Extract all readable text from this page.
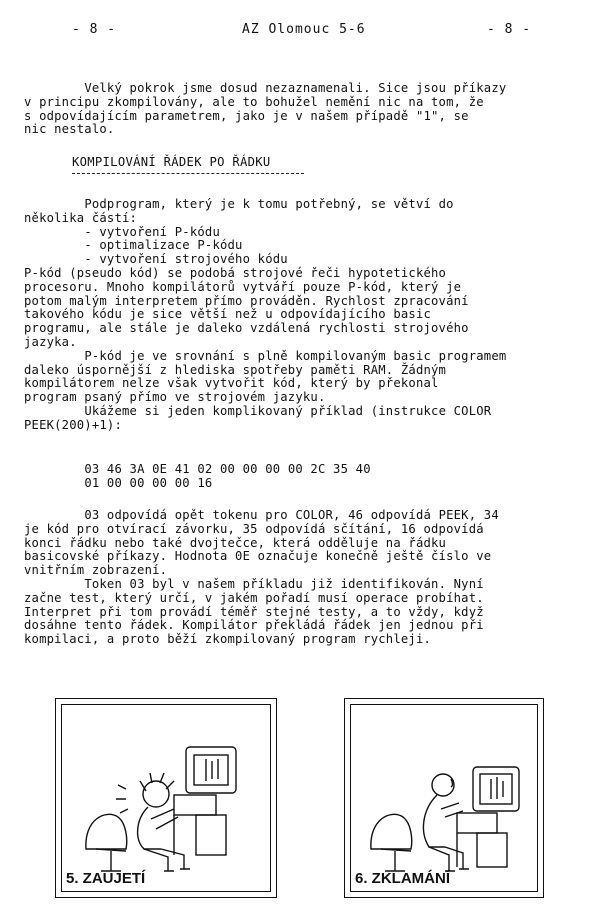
- 8 -	AZ Olomouc 5-6	- 8 -
Velký pokrok jsme dosud nezaznamenali. Sice jsou příkazy
v principu zkompilovány, ale to bohužel nemění nic na tom, že
s odpovídajícím parametrem, jako je v našem případě "1", se
nic nestalo.
KOMPILOVÁNÍ ŘÁDEK PO ŘÁDKU
Podprogram, který je k tomu potřebný, se větví do
několika částí:
- vytvoření P-kódu
- optimalizace P-kódu
- vytvoření strojového kódu
P-kód (pseudo kód) se podobá strojové řeči hypotetického
procesoru. Mnoho kompilátorů vytváří pouze P-kód, který je
potom malým interpretem přímo prováděn. Rychlost zpracování
takového kódu je sice větší než u odpovídajícího basic
programu, ale stále je daleko vzdálená rychlosti strojového
jazyka.
P-kód je ve srovnání s plně kompilovaným basic programem
daleko úspornější z hlediska spotřeby paměti RAM. Žádným
kompilátorem nelze však vytvořit kód, který by překonal
program psaný přímo ve strojovém jazyku.
Ukážeme si jeden komplikovaný příklad (instrukce COLOR
PEEK(200)+1):
03 46 3A 0E 41 02 00 00 00 00 2C 35 40
01 00 00 00 00 16
03 odpovídá opět tokenu pro COLOR, 46 odpovídá PEEK, 34
je kód pro otvírací závorku, 35 odpovídá sčítání, 16 odpovídá
konci řádku nebo také dvojtečce, která odděluje na řádku
basicovské příkazy. Hodnota 0E označuje konečně ještě číslo ve
vnitřním zobrazení.
Token 03 byl v našem příkladu již identifikován. Nyní
začne test, který určí, v jakém pořadí musí operace probíhat.
Interpret při tom provádí téměř stejné testy, a to vždy, když
dosáhne tento řádek. Kompilátor překládá řádek jen jednou při
kompilaci, a proto běží zkompilovaný program rychleji.
5. ZAUJETÍ	6. ZKLAMÁNÍ
